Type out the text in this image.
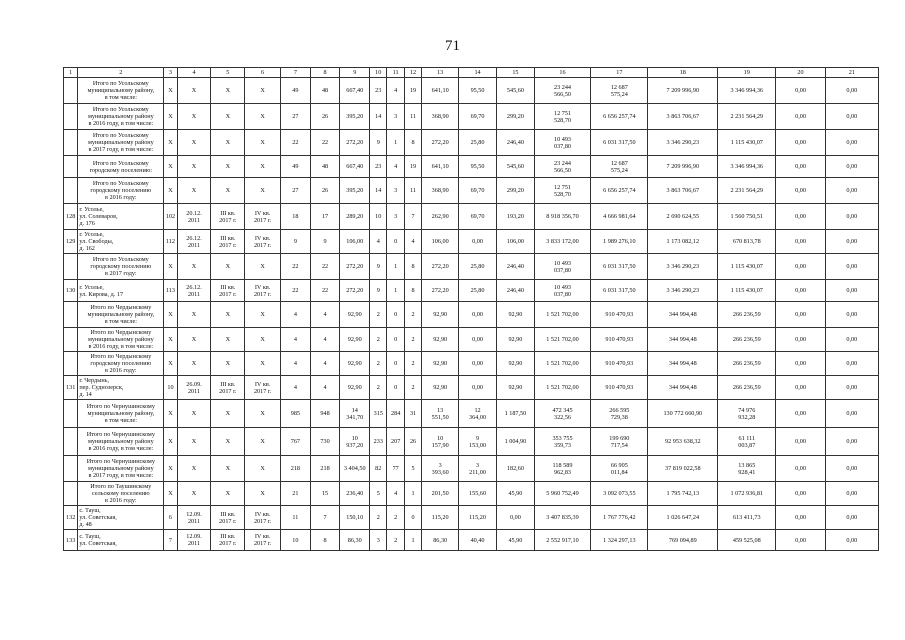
71
1	2	3	4	5	6	7	8	9	10	11	12	13	14	15	16	17	18	19	20	21
	Итого по Усольскому
муниципальному району,
в том числе:	X	X	X	X	49	48	667,40	23	4	19	641,10	95,50	545,60	23 244
566,50	12 687
575,24	7 209 996,90	3 346 994,36	0,00	0,00
	Итого по Усольскому
муниципальному району
в 2016 году, в том числе:	X	X	X	X	27	26	395,20	14	3	11	368,90	69,70	299,20	12 751
528,70	6 656 257,74	3 863 706,67	2 231 564,29	0,00	0,00
	Итого по Усольскому
муниципальному району
в 2017 году, в том числе:	X	X	X	X	22	22	272,20	9	1	8	272,20	25,80	246,40	10 493
037,80	6 031 317,50	3 346 290,23	1 115 430,07	0,00	0,00
	Итого по Усольскому
городскому поселению:	X	X	X	X	49	48	667,40	23	4	19	641,10	95,50	545,60	23 244
566,50	12 687
575,24	7 209 996,90	3 346 994,36	0,00	0,00
	Итого по Усольскому
городскому поселению
в 2016 году:	X	X	X	X	27	26	395,20	14	3	11	368,90	69,70	299,20	12 751
528,70	6 656 257,74	3 863 706,67	2 231 564,29	0,00	0,00
128	г. Усолье,
ул. Солеваров,
д. 176	102	20.12.
2011	III кв.
2017 г.	IV кв.
2017 г.	18	17	289,20	10	3	7	262,90	69,70	193,20	8 918 356,70	4 666 981,64	2 690 624,55	1 560 750,51	0,00	0,00
129	г. Усолье,
ул. Свободы,
д. 162	112	26.12.
2011	III кв.
2017 г.	IV кв.
2017 г.	9	9	106,00	4	0	4	106,00	0,00	106,00	3 833 172,00	1 989 276,10	1 173 082,12	670 813,78	0,00	0,00
	Итого по Усольскому
городскому поселению
в 2017 году:	X	X	X	X	22	22	272,20	9	1	8	272,20	25,80	246,40	10 493
037,80	6 031 317,50	3 346 290,23	1 115 430,07	0,00	0,00
130	г. Усолье,
ул. Кирова, д. 17	113	26.12.
2011	III кв.
2017 г.	IV кв.
2017 г.	22	22	272,20	9	1	8	272,20	25,80	246,40	10 493
037,80	6 031 317,50	3 346 290,23	1 115 430,07	0,00	0,00
	Итого по Чердынскому
муниципальному району,
в том числе:	X	X	X	X	4	4	92,90	2	0	2	92,90	0,00	92,90	1 521 702,00	910 470,93	344 994,48	266 236,59	0,00	0,00
	Итого по Чердынскому
муниципальному району
в 2016 году, в том числе:	X	X	X	X	4	4	92,90	2	0	2	92,90	0,00	92,90	1 521 702,00	910 470,93	344 994,48	266 236,59	0,00	0,00
	Итого по Чердынскому
городскому поселению
в 2016 году:	X	X	X	X	4	4	92,90	2	0	2	92,90	0,00	92,90	1 521 702,00	910 470,93	344 994,48	266 236,59	0,00	0,00
131	г. Чердынь,
пер. Суднозерск,
д. 14	10	26.09.
2011	III кв.
2017 г.	IV кв.
2017 г.	4	4	92,90	2	0	2	92,90	0,00	92,90	1 521 702,00	910 470,93	344 994,48	266 236,59	0,00	0,00
	Итого по Чернушинскому
муниципальному району,
в том числе:	X	X	X	X	985	948	14
341,70	315	284	31	13
551,50	12
364,00	1 187,50	472 345
322,56	266 595
729,38	130 772 660,90	74 976
932,28	0,00	0,00
	Итого по Чернушинскому
муниципальному району
в 2016 году, в том числе:	X	X	X	X	767	730	10
937,20	233	207	26	10
157,90	9
153,00	1 004,90	353 755
359,73	199 690
717,54	92 953 638,32	61 111
003,87	0,00	0,00
	Итого по Чернушинскому
муниципальному району
в 2017 году, в том числе:	X	X	X	X	218	218	3 404,50	82	77	5	3
393,60	3
211,00	182,60	118 589
962,83	66 905
011,84	37 819 022,58	13 865
928,41	0,00	0,00
	Итого по Таушинскому
сельскому поселению
в 2016 году:	X	X	X	X	21	15	236,40	5	4	1	201,50	155,60	45,90	5 960 752,49	3 092 073,55	1 795 742,13	1 072 936,81	0,00	0,00
132	с. Тауш,
ул. Советская,
д. 48	6	12.09.
2011	III кв.
2017 г.	IV кв.
2017 г.	11	7	150,10	2	2	0	115,20	115,20	0,00	3 407 835,39	1 767 776,42	1 026 647,24	613 411,73	0,00	0,00
133	с. Тауш,
ул. Советская,	7	12.09.
2011	III кв.
2017 г.	IV кв.
2017 г.	10	8	86,30	3	2	1	86,30	40,40	45,90	2 552 917,10	1 324 297,13	769 094,89	459 525,08	0,00	0,00
